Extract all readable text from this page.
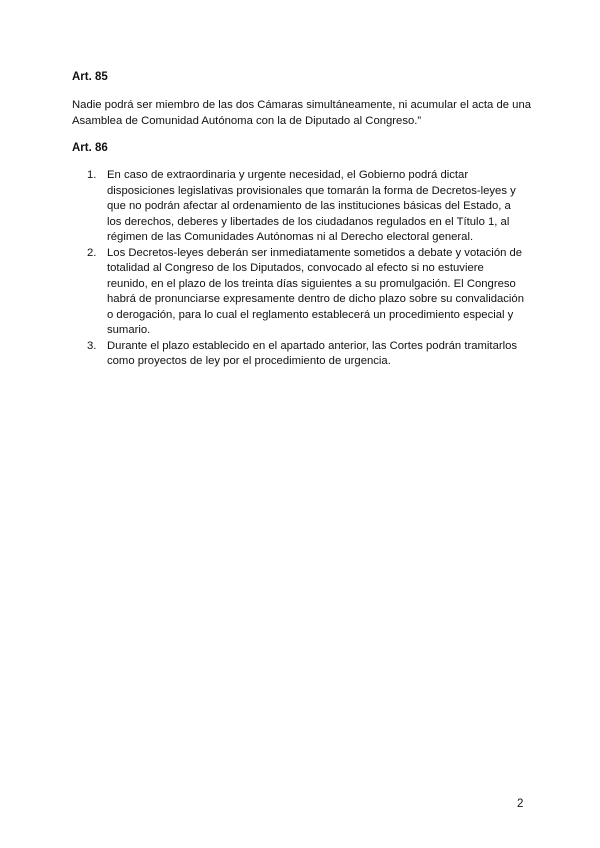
Art. 85

Nadie podrá ser miembro de las dos Cámaras simultáneamente, ni acumular el acta de una Asamblea de Comunidad Autónoma con la de Diputado al Congreso.”

Art. 86
1. En caso de extraordinaria y urgente necesidad, el Gobierno podrá dictar disposiciones legislativas provisionales que tomarán la forma de Decretos-leyes y que no podrán afectar al ordenamiento de las instituciones básicas del Estado, a los derechos, deberes y libertades de los ciudadanos regulados en el Título 1, al régimen de las Comunidades Autónomas ni al Derecho electoral general.
2. Los Decretos-leyes deberán ser inmediatamente sometidos a debate y votación de totalidad al Congreso de los Diputados, convocado al efecto si no estuviere reunido, en el plazo de los treinta días siguientes a su promulgación. El Congreso habrá de pronunciarse expresamente dentro de dicho plazo sobre su convalidación o derogación, para lo cual el reglamento establecerá un procedimiento especial y sumario.
3. Durante el plazo establecido en el apartado anterior, las Cortes podrán tramitarlos como proyectos de ley por el procedimiento de urgencia.
2
